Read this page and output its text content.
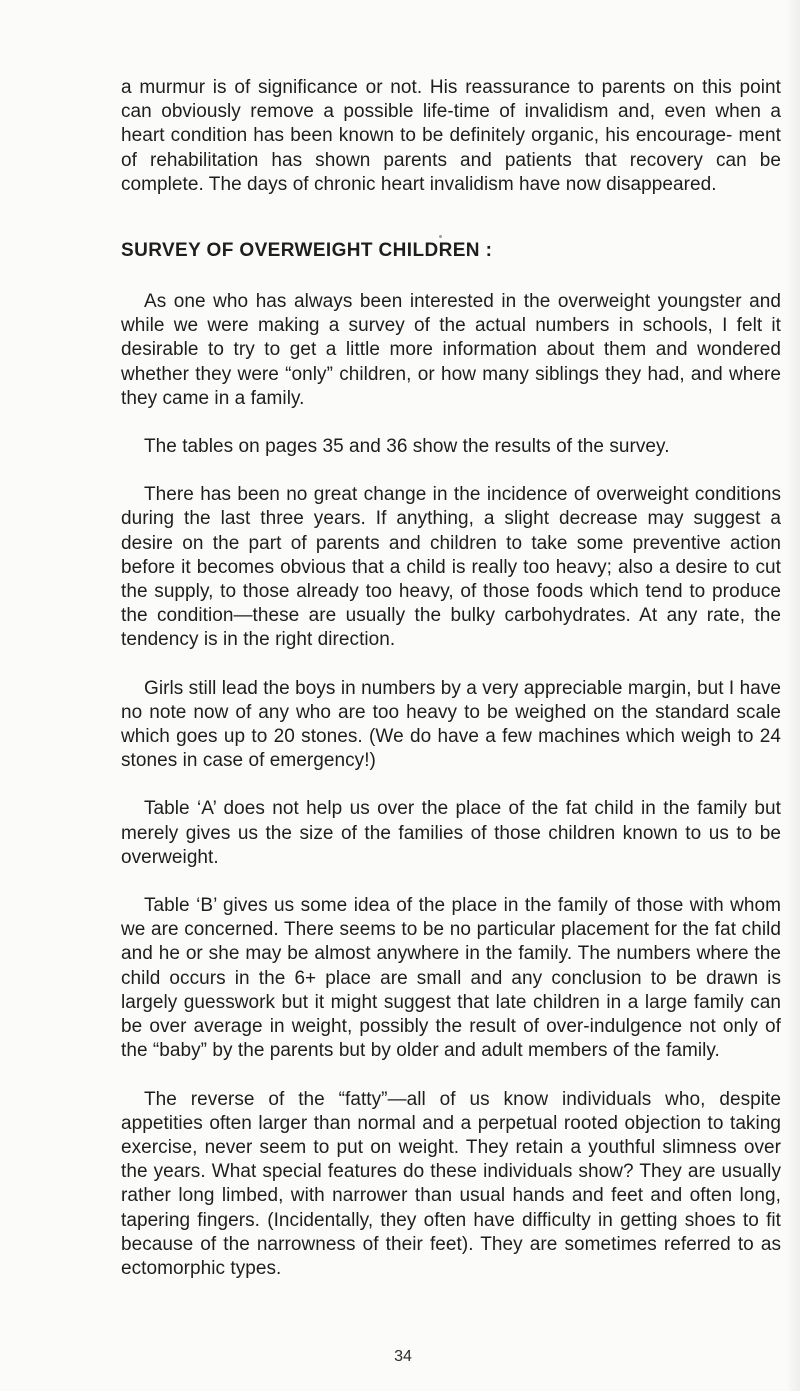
a murmur is of significance or not. His reassurance to parents on this point can obviously remove a possible life-time of invalidism and, even when a heart condition has been known to be definitely organic, his encourage- ment of rehabilitation has shown parents and patients that recovery can be complete. The days of chronic heart invalidism have now disappeared.

SURVEY OF OVERWEIGHT CHILDREN :

As one who has always been interested in the overweight youngster and while we were making a survey of the actual numbers in schools, I felt it desirable to try to get a little more information about them and wondered whether they were “only” children, or how many siblings they had, and where they came in a family.

The tables on pages 35 and 36 show the results of the survey.

There has been no great change in the incidence of overweight conditions during the last three years. If anything, a slight decrease may suggest a desire on the part of parents and children to take some preventive action before it becomes obvious that a child is really too heavy; also a desire to cut the supply, to those already too heavy, of those foods which tend to produce the condition—these are usually the bulky carbohydrates. At any rate, the tendency is in the right direction.

Girls still lead the boys in numbers by a very appreciable margin, but I have no note now of any who are too heavy to be weighed on the standard scale which goes up to 20 stones. (We do have a few machines which weigh to 24 stones in case of emergency!)

Table ‘A’ does not help us over the place of the fat child in the family but merely gives us the size of the families of those children known to us to be overweight.

Table ‘B’ gives us some idea of the place in the family of those with whom we are concerned. There seems to be no particular placement for the fat child and he or she may be almost anywhere in the family. The numbers where the child occurs in the 6+ place are small and any conclusion to be drawn is largely guesswork but it might suggest that late children in a large family can be over average in weight, possibly the result of over-indulgence not only of the “baby” by the parents but by older and adult members of the family.

The reverse of the “fatty”—all of us know individuals who, despite appetities often larger than normal and a perpetual rooted objection to taking exercise, never seem to put on weight. They retain a youthful slimness over the years. What special features do these individuals show? They are usually rather long limbed, with narrower than usual hands and feet and often long, tapering fingers. (Incidentally, they often have difficulty in getting shoes to fit because of the narrowness of their feet). They are sometimes referred to as ectomorphic types.

34
